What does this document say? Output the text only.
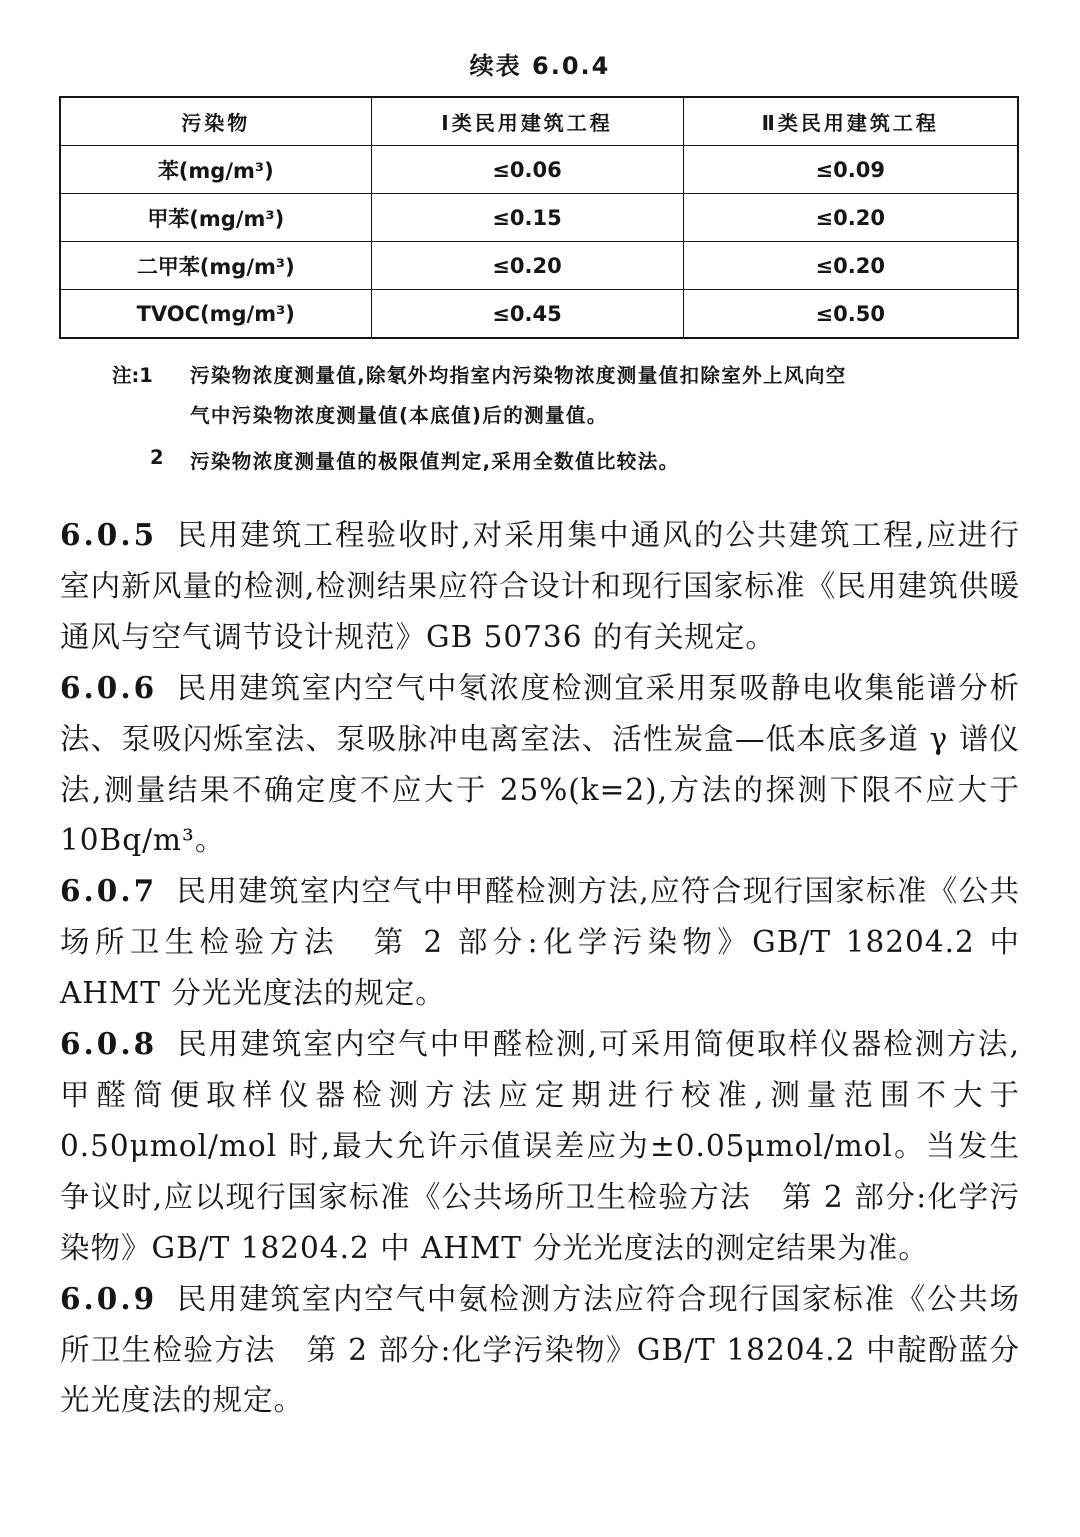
续表 6.0.4
污染物	Ⅰ类民用建筑工程	Ⅱ类民用建筑工程
苯(mg/m³)	≤0.06	≤0.09
甲苯(mg/m³)	≤0.15	≤0.20
二甲苯(mg/m³)	≤0.20	≤0.20
TVOC(mg/m³)	≤0.45	≤0.50
注:1 污染物浓度测量值,除氡外均指室内污染物浓度测量值扣除室外上风向空
气中污染物浓度测量值(本底值)后的测量值。
2 污染物浓度测量值的极限值判定,采用全数值比较法。
6.0.5 民用建筑工程验收时,对采用集中通风的公共建筑工程,应进行室内新风量的检测,检测结果应符合设计和现行国家标准《民用建筑供暖通风与空气调节设计规范》GB 50736 的有关规定。
6.0.6 民用建筑室内空气中氡浓度检测宜采用泵吸静电收集能谱分析法、泵吸闪烁室法、泵吸脉冲电离室法、活性炭盒—低本底多道 γ 谱仪法,测量结果不确定度不应大于 25%(k=2),方法的探测下限不应大于 10Bq/m³。
6.0.7 民用建筑室内空气中甲醛检测方法,应符合现行国家标准《公共场所卫生检验方法　第 2 部分:化学污染物》GB/T 18204.2 中 AHMT 分光光度法的规定。
6.0.8 民用建筑室内空气中甲醛检测,可采用简便取样仪器检测方法,甲醛简便取样仪器检测方法应定期进行校准,测量范围不大于 0.50μmol/mol 时,最大允许示值误差应为±0.05μmol/mol。当发生争议时,应以现行国家标准《公共场所卫生检验方法　第 2 部分:化学污染物》GB/T 18204.2 中 AHMT 分光光度法的测定结果为准。
6.0.9 民用建筑室内空气中氨检测方法应符合现行国家标准《公共场所卫生检验方法　第 2 部分:化学污染物》GB/T 18204.2 中靛酚蓝分光光度法的规定。
